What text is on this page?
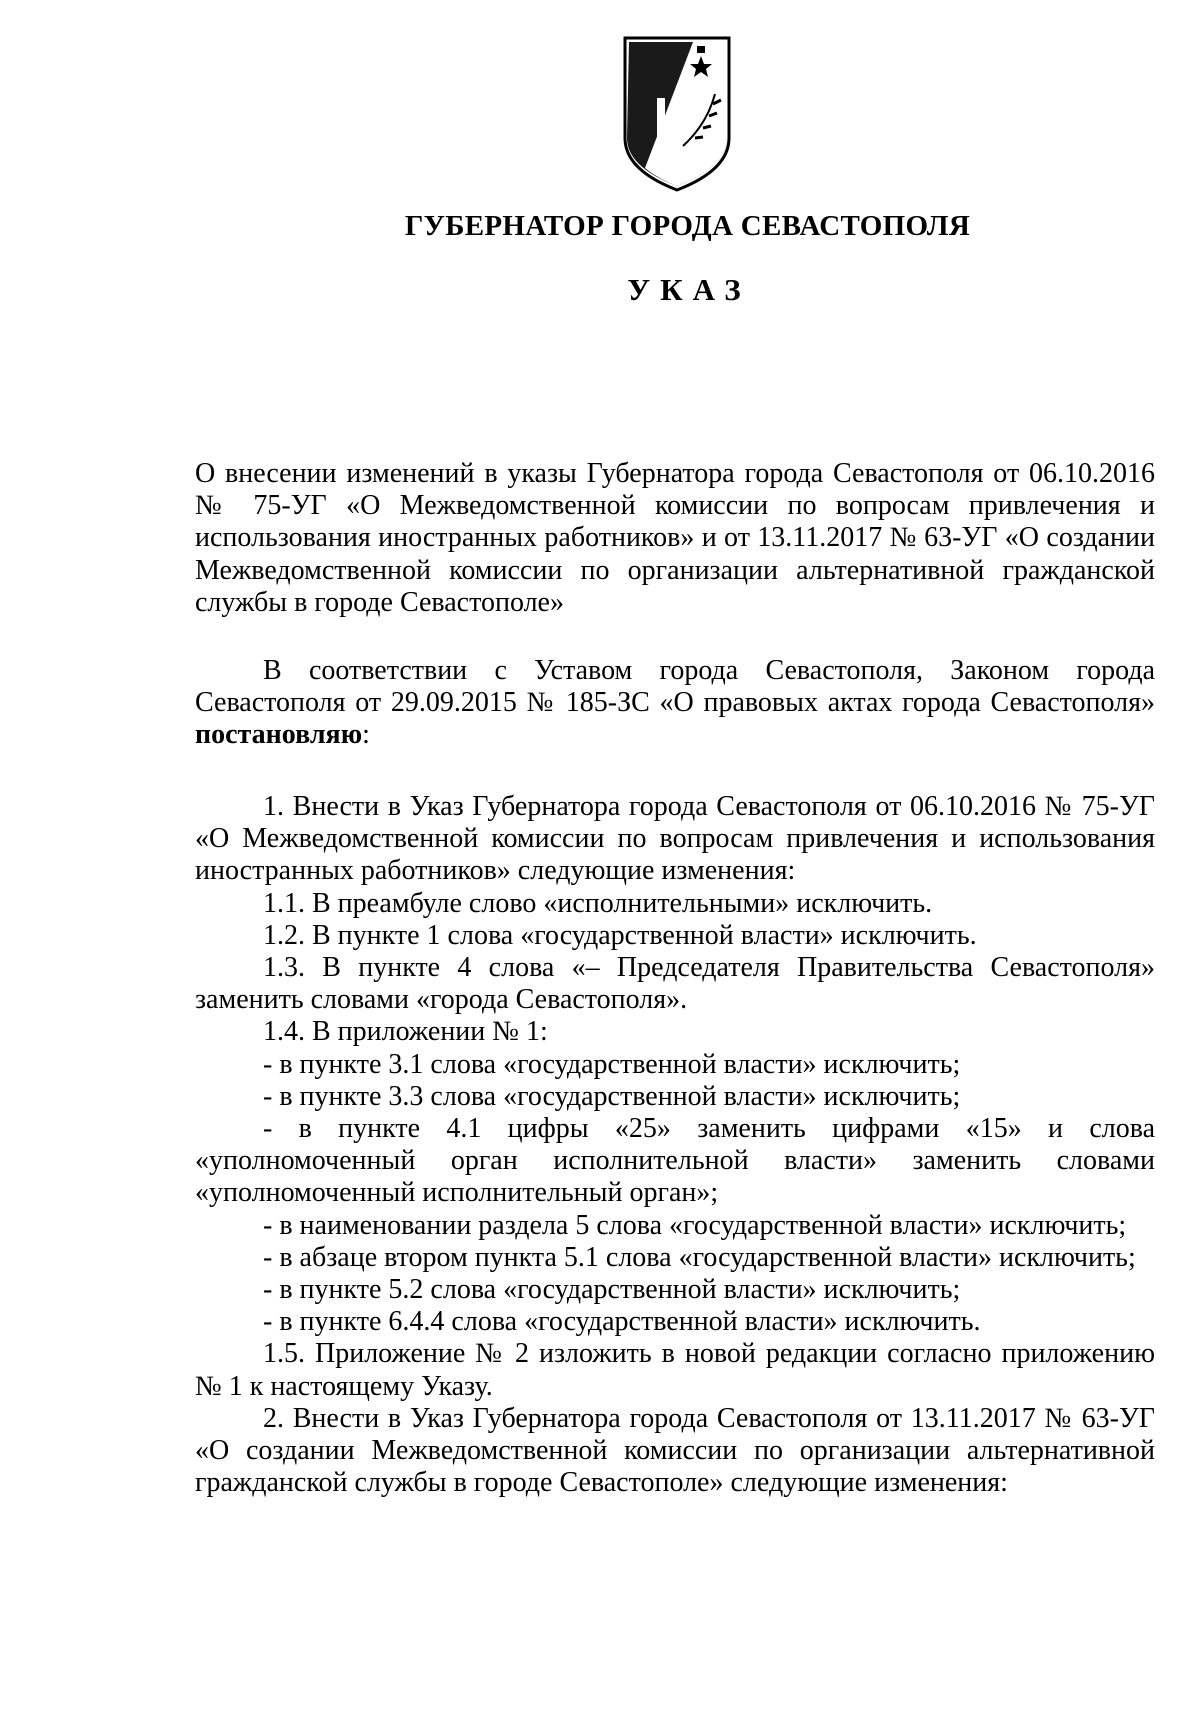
ГУБЕРНАТОР ГОРОДА СЕВАСТОПОЛЯ
УКАЗ

О внесении изменений в указы Губернатора города Севастополя от 06.10.2016 № 75-УГ «О Межведомственной комиссии по вопросам привлечения и использования иностранных работников» и от 13.11.2017 № 63-УГ «О создании Межведомственной комиссии по организации альтернативной гражданской службы в городе Севастополе»

В соответствии с Уставом города Севастополя, Законом города Севастополя от 29.09.2015 № 185-ЗС «О правовых актах города Севастополя» постановляю:

1. Внести в Указ Губернатора города Севастополя от 06.10.2016 № 75-УГ «О Межведомственной комиссии по вопросам привлечения и использования иностранных работников» следующие изменения:

1.1. В преамбуле слово «исполнительными» исключить.

1.2. В пункте 1 слова «государственной власти» исключить.

1.3. В пункте 4 слова «– Председателя Правительства Севастополя» заменить словами «города Севастополя».

1.4. В приложении № 1:

- в пункте 3.1 слова «государственной власти» исключить;

- в пункте 3.3 слова «государственной власти» исключить;

- в пункте 4.1 цифры «25» заменить цифрами «15» и слова «уполномоченный орган исполнительной власти» заменить словами «уполномоченный исполнительный орган»;

- в наименовании раздела 5 слова «государственной власти» исключить;

- в абзаце втором пункта 5.1 слова «государственной власти» исключить;

- в пункте 5.2 слова «государственной власти» исключить;

- в пункте 6.4.4 слова «государственной власти» исключить.

1.5. Приложение № 2 изложить в новой редакции согласно приложению № 1 к настоящему Указу.

2. Внести в Указ Губернатора города Севастополя от 13.11.2017 № 63-УГ «О создании Межведомственной комиссии по организации альтернативной гражданской службы в городе Севастополе» следующие изменения:
